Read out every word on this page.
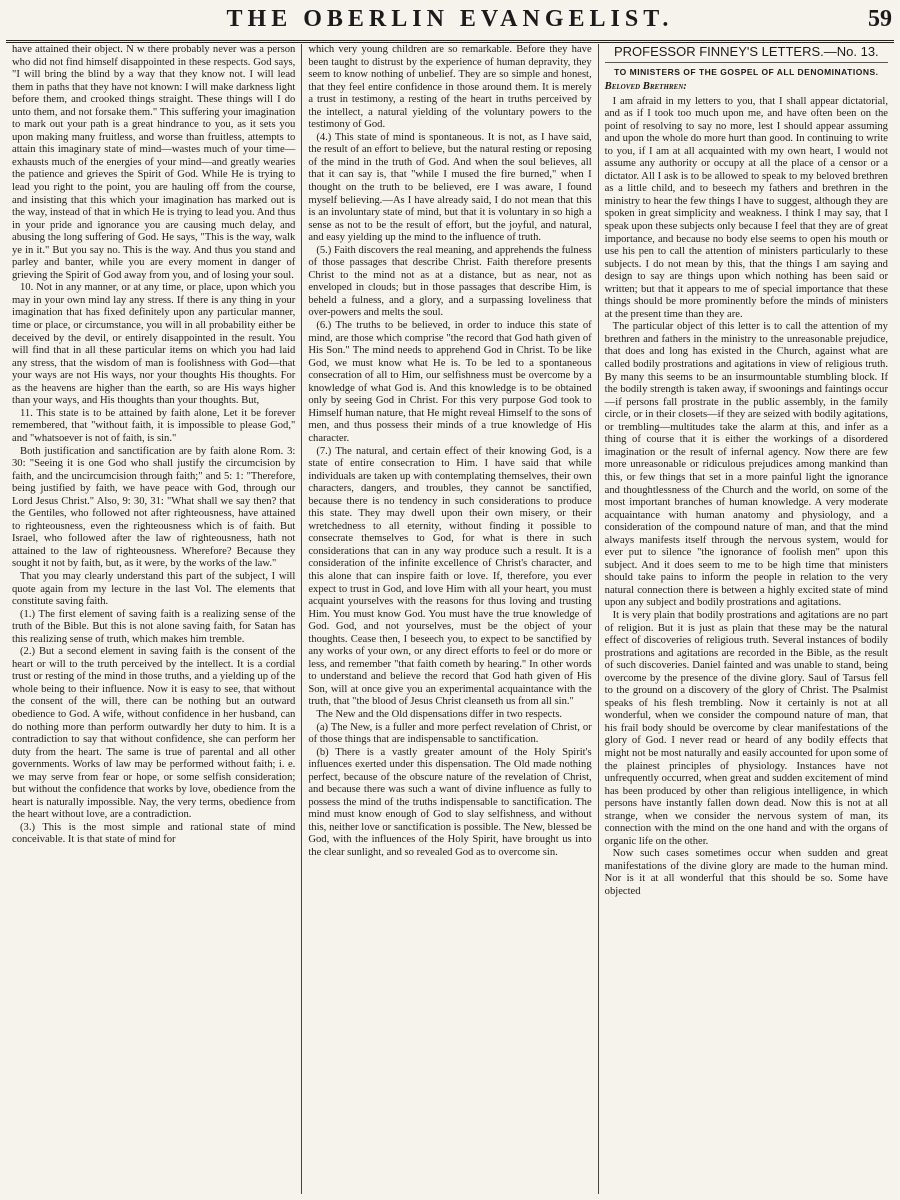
THE OBERLIN EVANGELIST.	59

have attained their object. N w there probably never was a person who did not find himself disappointed in these respects. God says, "I will bring the blind by a way that they know not. I will lead them in paths that they have not known: I will make darkness light before them, and crooked things straight. These things will I do unto them, and not forsake them." This suffering your imagination to mark out your path is a great hindrance to you, as it sets you upon making many fruitless, and worse than fruitless, attempts to attain this imaginary state of mind—wastes much of your time—exhausts much of the energies of your mind—and greatly wearies the patience and grieves the Spirit of God. While He is trying to lead you right to the point, you are hauling off from the course, and insisting that this which your imagination has marked out is the way, instead of that in which He is trying to lead you. And thus in your pride and ignorance you are causing much delay, and abusing the long suffering of God. He says, "This is the way, walk ye in it." But you say no. This is the way. And thus you stand and parley and banter, while you are every moment in danger of grieving the Spirit of God away from you, and of losing your soul.

10. Not in any manner, or at any time, or place, upon which you may in your own mind lay any stress. If there is any thing in your imagination that has fixed definitely upon any particular manner, time or place, or circumstance, you will in all probability either be deceived by the devil, or entirely disappointed in the result. You will find that in all these particular items on which you had laid any stress, that the wisdom of man is foolishness with God—that your ways are not His ways, nor your thoughts His thoughts. For as the heavens are higher than the earth, so are His ways higher than your ways, and His thoughts than your thoughts. But,

11. This state is to be attained by faith alone, Let it be forever remembered, that "without faith, it is impossible to please God," and "whatsoever is not of faith, is sin."

Both justification and sanctification are by faith alone Rom. 3: 30: "Seeing it is one God who shall justify the circumcision by faith, and the uncircumcision through faith;" and 5: 1: "Therefore, being justified by faith, we have peace with God, through our Lord Jesus Christ." Also, 9: 30, 31: "What shall we say then? that the Gentiles, who followed not after righteousness, have attained to righteousness, even the righteousness which is of faith. But Israel, who followed after the law of righteousness, hath not attained to the law of righteousness. Wherefore? Because they sought it not by faith, but, as it were, by the works of the law."

That you may clearly understand this part of the subject, I will quote again from my lecture in the last Vol. The elements that constitute saving faith.

(1.) The first element of saving faith is a realizing sense of the truth of the Bible. But this is not alone saving faith, for Satan has this realizing sense of truth, which makes him tremble.

(2.) But a second element in saving faith is the consent of the heart or will to the truth perceived by the intellect. It is a cordial trust or resting of the mind in those truths, and a yielding up of the whole being to their influence. Now it is easy to see, that without the consent of the will, there can be nothing but an outward obedience to God. A wife, without confidence in her husband, can do nothing more than perform outwardly her duty to him. It is a contradiction to say that without confidence, she can perform her duty from the heart. The same is true of parental and all other governments. Works of law may be performed without faith; i. e. we may serve from fear or hope, or some selfish consideration; but without the confidence that works by love, obedience from the heart is naturally impossible. Nay, the very terms, obedience from the heart without love, are a contradiction.

(3.) This is the most simple and rational state of mind conceivable. It is that state of mind for

which very young children are so remarkable. Before they have been taught to distrust by the experience of human depravity, they seem to know nothing of unbelief. They are so simple and honest, that they feel entire confidence in those around them. It is merely a trust in testimony, a resting of the heart in truths perceived by the intellect, a natural yielding of the voluntary powers to the testimony of God.

(4.) This state of mind is spontaneous. It is not, as I have said, the result of an effort to believe, but the natural resting or reposing of the mind in the truth of God. And when the soul believes, all that it can say is, that "while I mused the fire burned," when I thought on the truth to be believed, ere I was aware, I found myself believing.—As I have already said, I do not mean that this is an involuntary state of mind, but that it is voluntary in so high a sense as not to be the result of effort, but the joyful, and natural, and easy yielding up the mind to the influence of truth.

(5.) Faith discovers the real meaning, and apprehends the fulness of those passages that describe Christ. Faith therefore presents Christ to the mind not as at a distance, but as near, not as enveloped in clouds; but in those passages that describe Him, is beheld a fulness, and a glory, and a surpassing loveliness that over-powers and melts the soul.

(6.) The truths to be believed, in order to induce this state of mind, are those which comprise "the record that God hath given of His Son." The mind needs to apprehend God in Christ. To be like God, we must know what He is. To be led to a spontaneous consecration of all to Him, our selfishness must be overcome by a knowledge of what God is. And this knowledge is to be obtained only by seeing God in Christ. For this very purpose God took to Himself human nature, that He might reveal Himself to the sons of men, and thus possess their minds of a true knowledge of His character.

(7.) The natural, and certain effect of their knowing God, is a state of entire consecration to Him. I have said that while individuals are taken up with contemplating themselves, their own characters, dangers, and troubles, they cannot be sanctified, because there is no tendency in such considerations to produce this state. They may dwell upon their own misery, or their wretchedness to all eternity, without finding it possible to consecrate themselves to God, for what is there in such considerations that can in any way produce such a result. It is a consideration of the infinite excellence of Christ's character, and this alone that can inspire faith or love. If, therefore, you ever expect to trust in God, and love Him with all your heart, you must acquaint yourselves with the reasons for thus loving and trusting Him. You must know God. You must have the true knowledge of God. God, and not yourselves, must be the object of your thoughts. Cease then, I beseech you, to expect to be sanctified by any works of your own, or any direct efforts to feel or do more or less, and remember "that faith cometh by hearing." In other words to understand and believe the record that God hath given of His Son, will at once give you an experimental acquaintance with the truth, that "the blood of Jesus Christ cleanseth us from all sin."

The New and the Old dispensations differ in two respects.

(a) The New, is a fuller and more perfect revelation of Christ, or of those things that are indispensable to sanctification.

(b) There is a vastly greater amount of the Holy Spirit's influences exerted under this dispensation. The Old made nothing perfect, because of the obscure nature of the revelation of Christ, and because there was such a want of divine influence as fully to possess the mind of the truths indispensable to sanctification. The mind must know enough of God to slay selfishness, and without this, neither love or sanctification is possible. The New, blessed be God, with the influences of the Holy Spirit, have brought us into the clear sunlight, and so revealed God as to overcome sin.

PROFESSOR FINNEY'S LETTERS.—No. 13.
TO MINISTERS OF THE GOSPEL OF ALL DENOMINATIONS.
Beloved Brethren:

I am afraid in my letters to you, that I shall appear dictatorial, and as if I took too much upon me, and have often been on the point of resolving to say no more, lest I should appear assuming and upon the whole do more hurt than good. In continuing to write to you, if I am at all acquainted with my own heart, I would not assume any authority or occupy at all the place of a censor or a dictator. All I ask is to be allowed to speak to my beloved brethren as a little child, and to beseech my fathers and brethren in the ministry to hear the few things I have to suggest, although they are spoken in great simplicity and weakness. I think I may say, that I speak upon these subjects only because I feel that they are of great importance, and because no body else seems to open his mouth or use his pen to call the attention of ministers particularly to these subjects. I do not mean by this, that the things I am saying and design to say are things upon which nothing has been said or written; but that it appears to me of special importance that these things should be more prominently before the minds of ministers at the present time than they are.

The particular object of this letter is to call the attention of my brethren and fathers in the ministry to the unreasonable prejudice, that does and long has existed in the Church, against what are called bodily prostrations and agitations in view of religious truth. By many this seems to be an insurmountable stumbling block. If the bodily strength is taken away, if swoonings and faintings occur—if persons fall prostrate in the public assembly, in the family circle, or in their closets—if they are seized with bodily agitations, or trembling—multitudes take the alarm at this, and infer as a thing of course that it is either the workings of a disordered imagination or the result of infernal agency. Now there are few more unreasonable or ridiculous prejudices among mankind than this, or few things that set in a more painful light the ignorance and thoughtlessness of the Church and the world, on some of the most important branches of human knowledge. A very moderate acquaintance with human anatomy and physiology, and a consideration of the compound nature of man, and that the mind always manifests itself through the nervous system, would for ever put to silence "the ignorance of foolish men" upon this subject. And it does seem to me to be high time that ministers should take pains to inform the people in relation to the very natural connection there is between a highly excited state of mind upon any subject and bodily prostrations and agitations.

It is very plain that bodily prostrations and agitations are no part of religion. But it is just as plain that these may be the natural effect of discoveries of religious truth. Several instances of bodily prostrations and agitations are recorded in the Bible, as the result of such discoveries. Daniel fainted and was unable to stand, being overcome by the presence of the divine glory. Saul of Tarsus fell to the ground on a discovery of the glory of Christ. The Psalmist speaks of his flesh trembling. Now it certainly is not at all wonderful, when we consider the compound nature of man, that his frail body should be overcome by clear manifestations of the glory of God. I never read or heard of any bodily effects that might not be most naturally and easily accounted for upon some of the plainest principles of physiology. Instances have not unfrequently occurred, when great and sudden excitement of mind has been produced by other than religious intelligence, in which persons have instantly fallen down dead. Now this is not at all strange, when we consider the nervous system of man, its connection with the mind on the one hand and with the organs of organic life on the other.

Now such cases sometimes occur when sudden and great manifestations of the divine glory are made to the human mind. Nor is it at all wonderful that this should be so. Some have objected
